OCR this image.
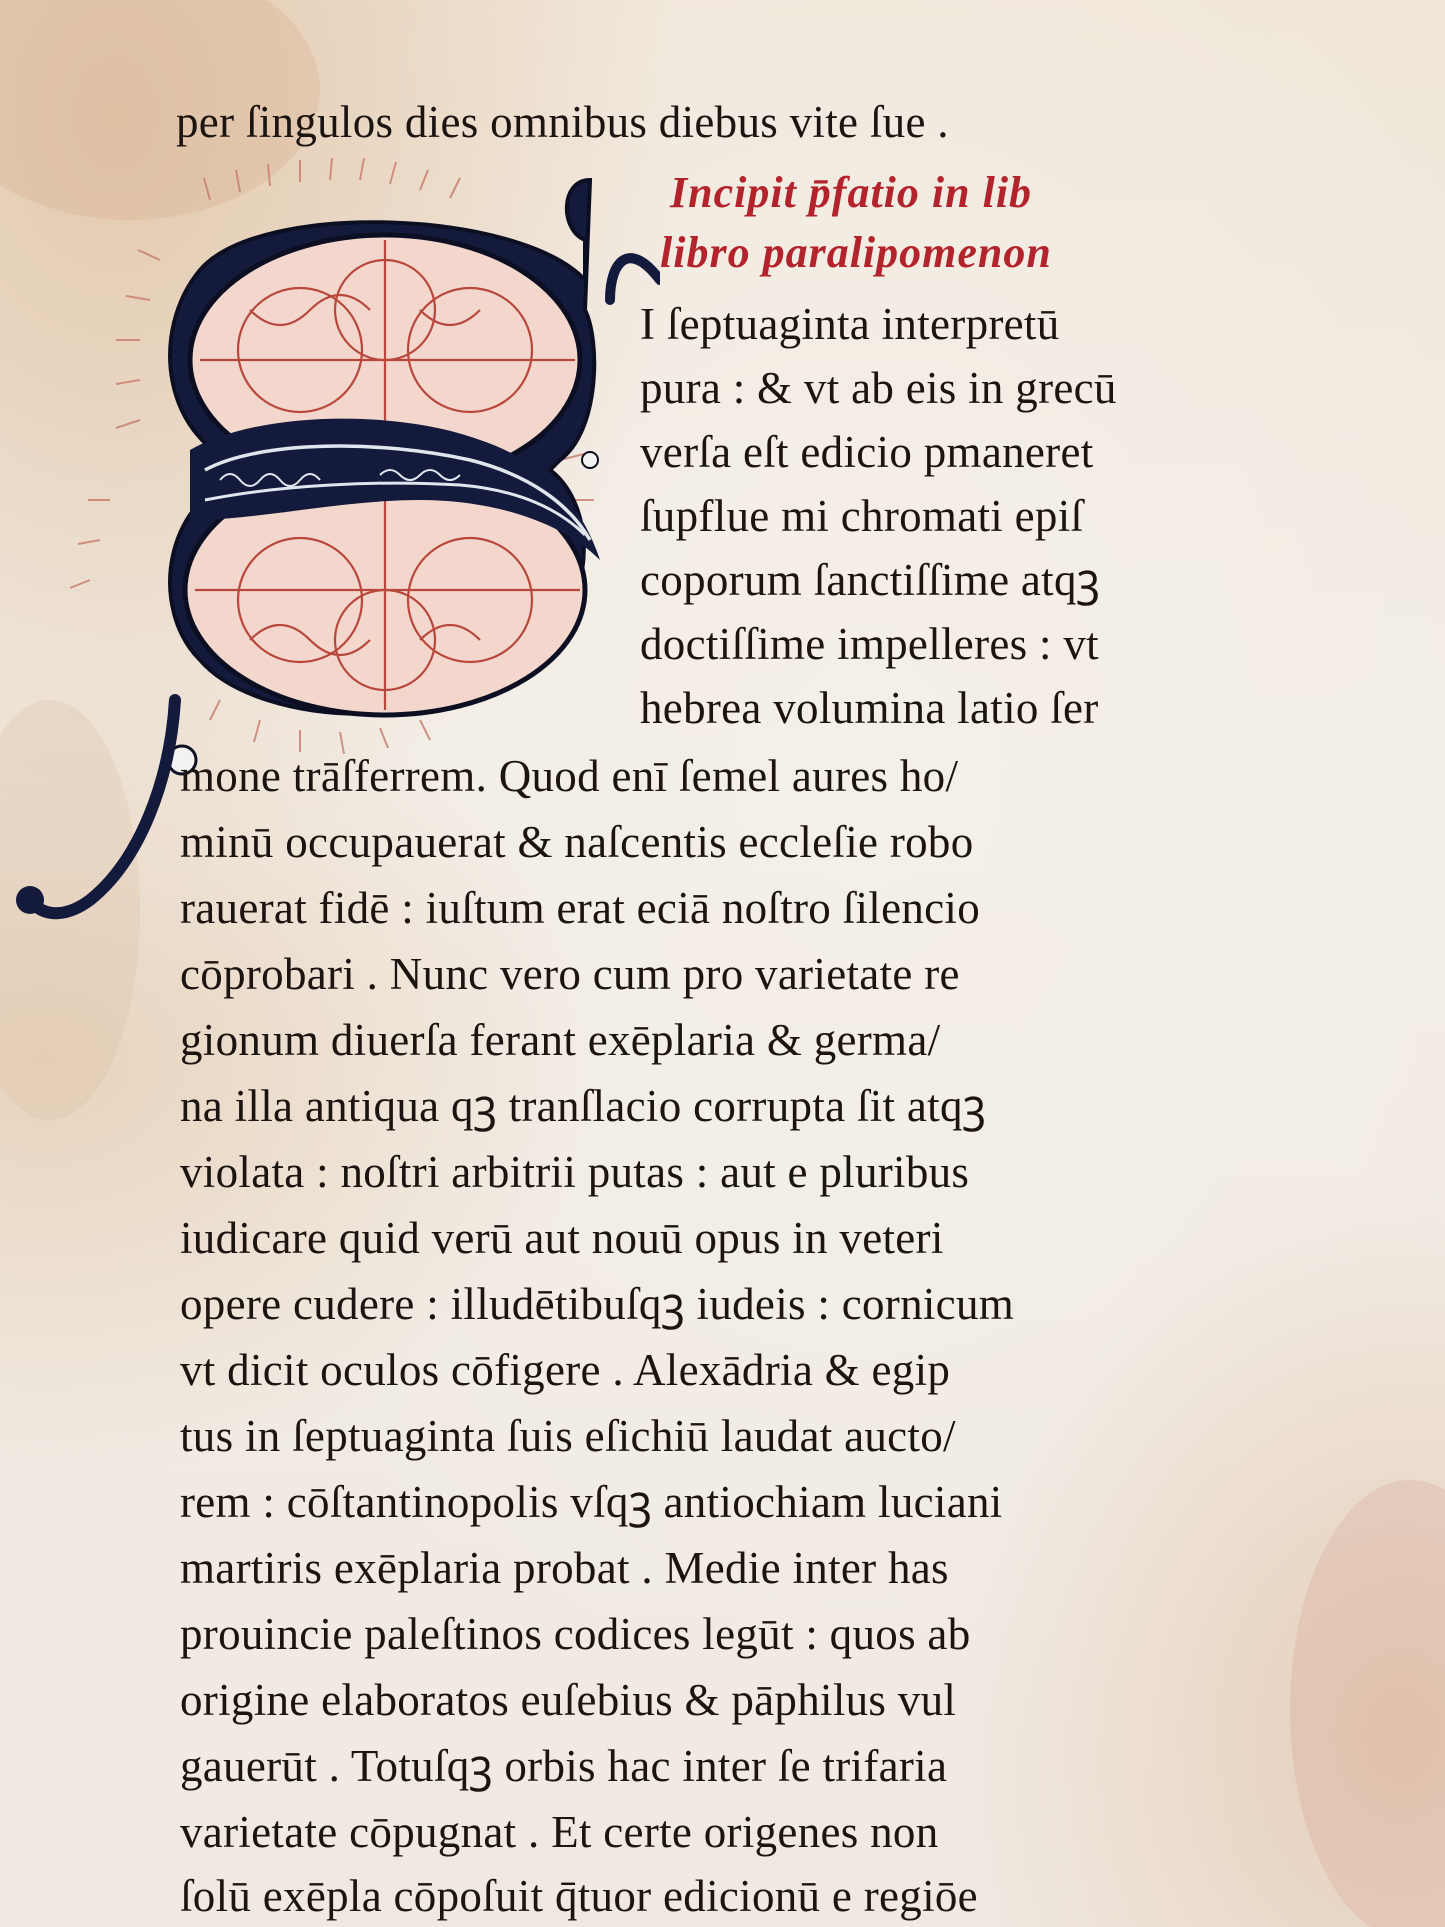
per ſingulos dies omnibus diebus vite ſue .
Incipit p̄fatio in lib
libro paralipomenon
I ſeptuaginta interpretū
pura : & vt ab eis in grecū
verſa eſt edicio pmaneret
ſupflue mi chromati epiſ
coporum ſanctiſſime atqꝫ
doctiſſime impelleres : vt
hebrea volumina latio ſer
mone trāſferrem. Quod enī ſemel aures ho/
minū occupauerat & naſcentis eccleſie robo
rauerat fidē : iuſtum erat eciā noſtro ſilencio
cōprobari . Nunc vero cum pro varietate re
gionum diuerſa ferant exēplaria & germa/
na illa antiqua qꝫ tranſlacio corrupta ſit atqꝫ
violata : noſtri arbitrii putas : aut e pluribus
iudicare quid verū aut nouū opus in veteri
opere cudere : illudētibuſqꝫ iudeis : cornicum
vt dicit oculos cōfigere . Alexādria & egip
tus in ſeptuaginta ſuis eſichiū laudat aucto/
rem : cōſtantinopolis vſqꝫ antiochiam luciani
martiris exēplaria probat . Medie inter has
prouincie paleſtinos codices legūt : quos ab
origine elaboratos euſebius & pāphilus vul
gauerūt . Totuſqꝫ orbis hac inter ſe trifaria
varietate cōpugnat . Et certe origenes non
ſolū exēpla cōpoſuit q̄tuor edicionū e regiōe
